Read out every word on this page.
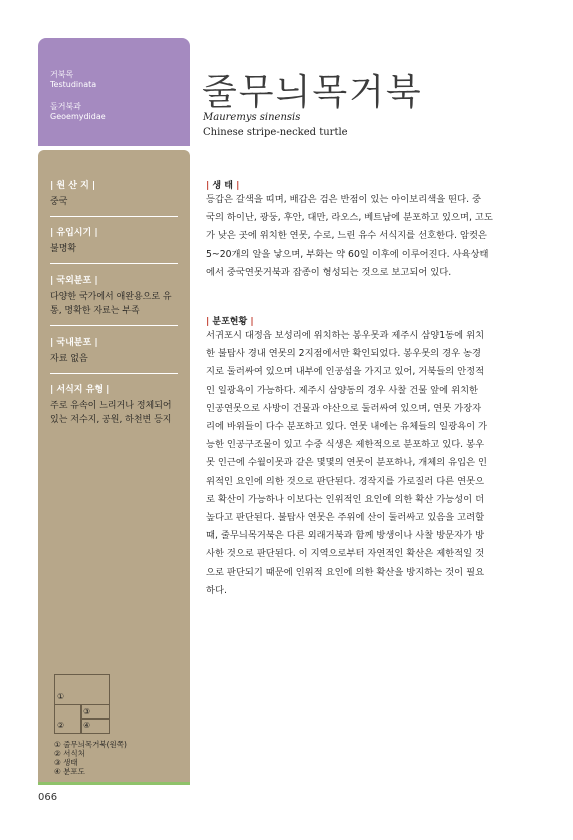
거북목
Testudinata
돌거북과
Geoemydidae
| 원 산 지 |
중국
| 유입시기 |
불명확
| 국외분포 |
다양한 국가에서 애완용으로 유통, 명확한 자료는 부족
| 국내분포 |
자료 없음
| 서식지 유형 |
주로 유속이 느리거나 정체되어있는 저수지, 공원, 하천변 등지
①
②
③
④
① 줄무늬목거북(원쪽)
② 서식처
③ 생태
④ 분포도
066
줄무늬목거북
Mauremys sinensis
Chinese stripe-necked turtle
| 생 태 |
등갑은 갈색을 띠며, 배갑은 검은 반점이 있는 아이보리색을 띤다. 중
국의 하이난, 광둥, 후안, 대만, 라오스, 베트남에 분포하고 있으며, 고도
가 낮은 곳에 위치한 연못, 수로, 느린 유수 서식지를 선호한다. 암컷은
5~20개의 알을 낳으며, 부화는 약 60일 이후에 이루어진다. 사육상태
에서 중국연못거북과 잡종이 형성되는 것으로 보고되어 있다.
| 분포현황 |
서귀포시 대정읍 보성리에 위치하는 봉우못과 제주시 삼양1동에 위치
한 불탑사 경내 연못의 2지점에서만 확인되었다. 봉우못의 경우 농경
지로 둘러싸여 있으며 내부에 인공섬을 가지고 있어, 거북들의 안정적
인 일광욕이 가능하다. 제주시 삼양동의 경우 사찰 건물 앞에 위치한
인공연못으로 사방이 건물과 야산으로 둘러싸여 있으며, 연못 가장자
리에 바위들이 다수 분포하고 있다. 연못 내에는 유체들의 일광욕이 가
능한 인공구조물이 있고 수중 식생은 제한적으로 분포하고 있다. 봉우
못 인근에 수월이못과 같은 몇몇의 연못이 분포하나, 개체의 유입은 인
위적인 요인에 의한 것으로 판단된다. 경작지를 가로질러 다른 연못으
로 확산이 가능하나 이보다는 인위적인 요인에 의한 확산 가능성이 더
높다고 판단된다. 불탑사 연못은 주위에 산이 둘러싸고 있음을 고려할
때, 줄무늬목거북은 다른 외래거북과 함께 방생이나 사찰 방문자가 방
사한 것으로 판단된다. 이 지역으로부터 자연적인 확산은 제한적일 것
으로 판단되기 때문에 인위적 요인에 의한 확산을 방지하는 것이 필요
하다.
